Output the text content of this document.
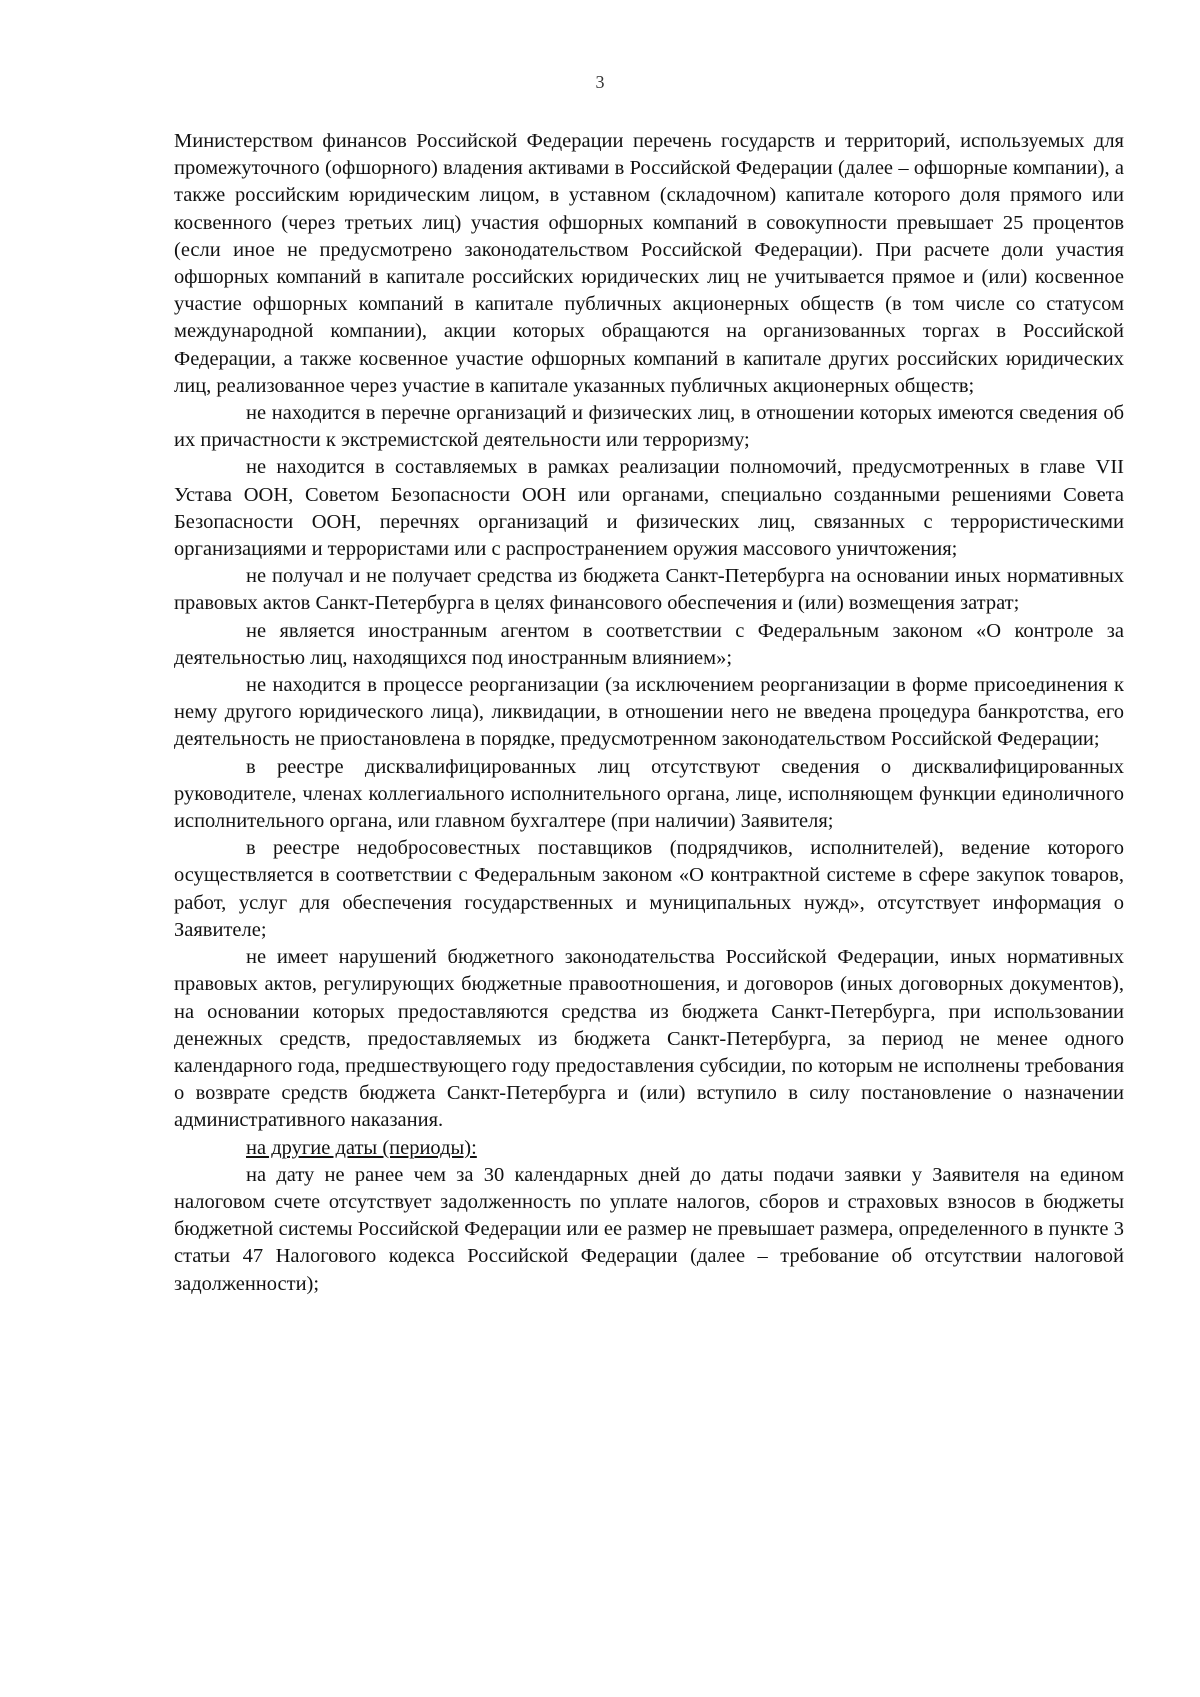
3

Министерством финансов Российской Федерации перечень государств и территорий, используемых для промежуточного (офшорного) владения активами в Российской Федерации (далее – офшорные компании), а также российским юридическим лицом, в уставном (складочном) капитале которого доля прямого или косвенного (через третьих лиц) участия офшорных компаний в совокупности превышает 25 процентов (если иное не предусмотрено законодательством Российской Федерации). При расчете доли участия офшорных компаний в капитале российских юридических лиц не учитывается прямое и (или) косвенное участие офшорных компаний в капитале публичных акционерных обществ (в том числе со статусом международной компании), акции которых обращаются на организованных торгах в Российской Федерации, а также косвенное участие офшорных компаний в капитале других российских юридических лиц, реализованное через участие в капитале указанных публичных акционерных обществ;

не находится в перечне организаций и физических лиц, в отношении которых имеются сведения об их причастности к экстремистской деятельности или терроризму;

не находится в составляемых в рамках реализации полномочий, предусмотренных в главе VII Устава ООН, Советом Безопасности ООН или органами, специально созданными решениями Совета Безопасности ООН, перечнях организаций и физических лиц, связанных с террористическими организациями и террористами или с распространением оружия массового уничтожения;

не получал и не получает средства из бюджета Санкт-Петербурга на основании иных нормативных правовых актов Санкт-Петербурга в целях финансового обеспечения и (или) возмещения затрат;

не является иностранным агентом в соответствии с Федеральным законом «О контроле за деятельностью лиц, находящихся под иностранным влиянием»;

не находится в процессе реорганизации (за исключением реорганизации в форме присоединения к нему другого юридического лица), ликвидации, в отношении него не введена процедура банкротства, его деятельность не приостановлена в порядке, предусмотренном законодательством Российской Федерации;

в реестре дисквалифицированных лиц отсутствуют сведения о дисквалифицированных руководителе, членах коллегиального исполнительного органа, лице, исполняющем функции единоличного исполнительного органа, или главном бухгалтере (при наличии) Заявителя;

в реестре недобросовестных поставщиков (подрядчиков, исполнителей), ведение которого осуществляется в соответствии с Федеральным законом «О контрактной системе в сфере закупок товаров, работ, услуг для обеспечения государственных и муниципальных нужд», отсутствует информация о Заявителе;

не имеет нарушений бюджетного законодательства Российской Федерации, иных нормативных правовых актов, регулирующих бюджетные правоотношения, и договоров (иных договорных документов), на основании которых предоставляются средства из бюджета Санкт-Петербурга, при использовании денежных средств, предоставляемых из бюджета Санкт-Петербурга, за период не менее одного календарного года, предшествующего году предоставления субсидии, по которым не исполнены требования о возврате средств бюджета Санкт-Петербурга и (или) вступило в силу постановление о назначении административного наказания.

на другие даты (периоды):

на дату не ранее чем за 30 календарных дней до даты подачи заявки у Заявителя на едином налоговом счете отсутствует задолженность по уплате налогов, сборов и страховых взносов в бюджеты бюджетной системы Российской Федерации или ее размер не превышает размера, определенного в пункте 3 статьи 47 Налогового кодекса Российской Федерации (далее – требование об отсутствии налоговой задолженности);
